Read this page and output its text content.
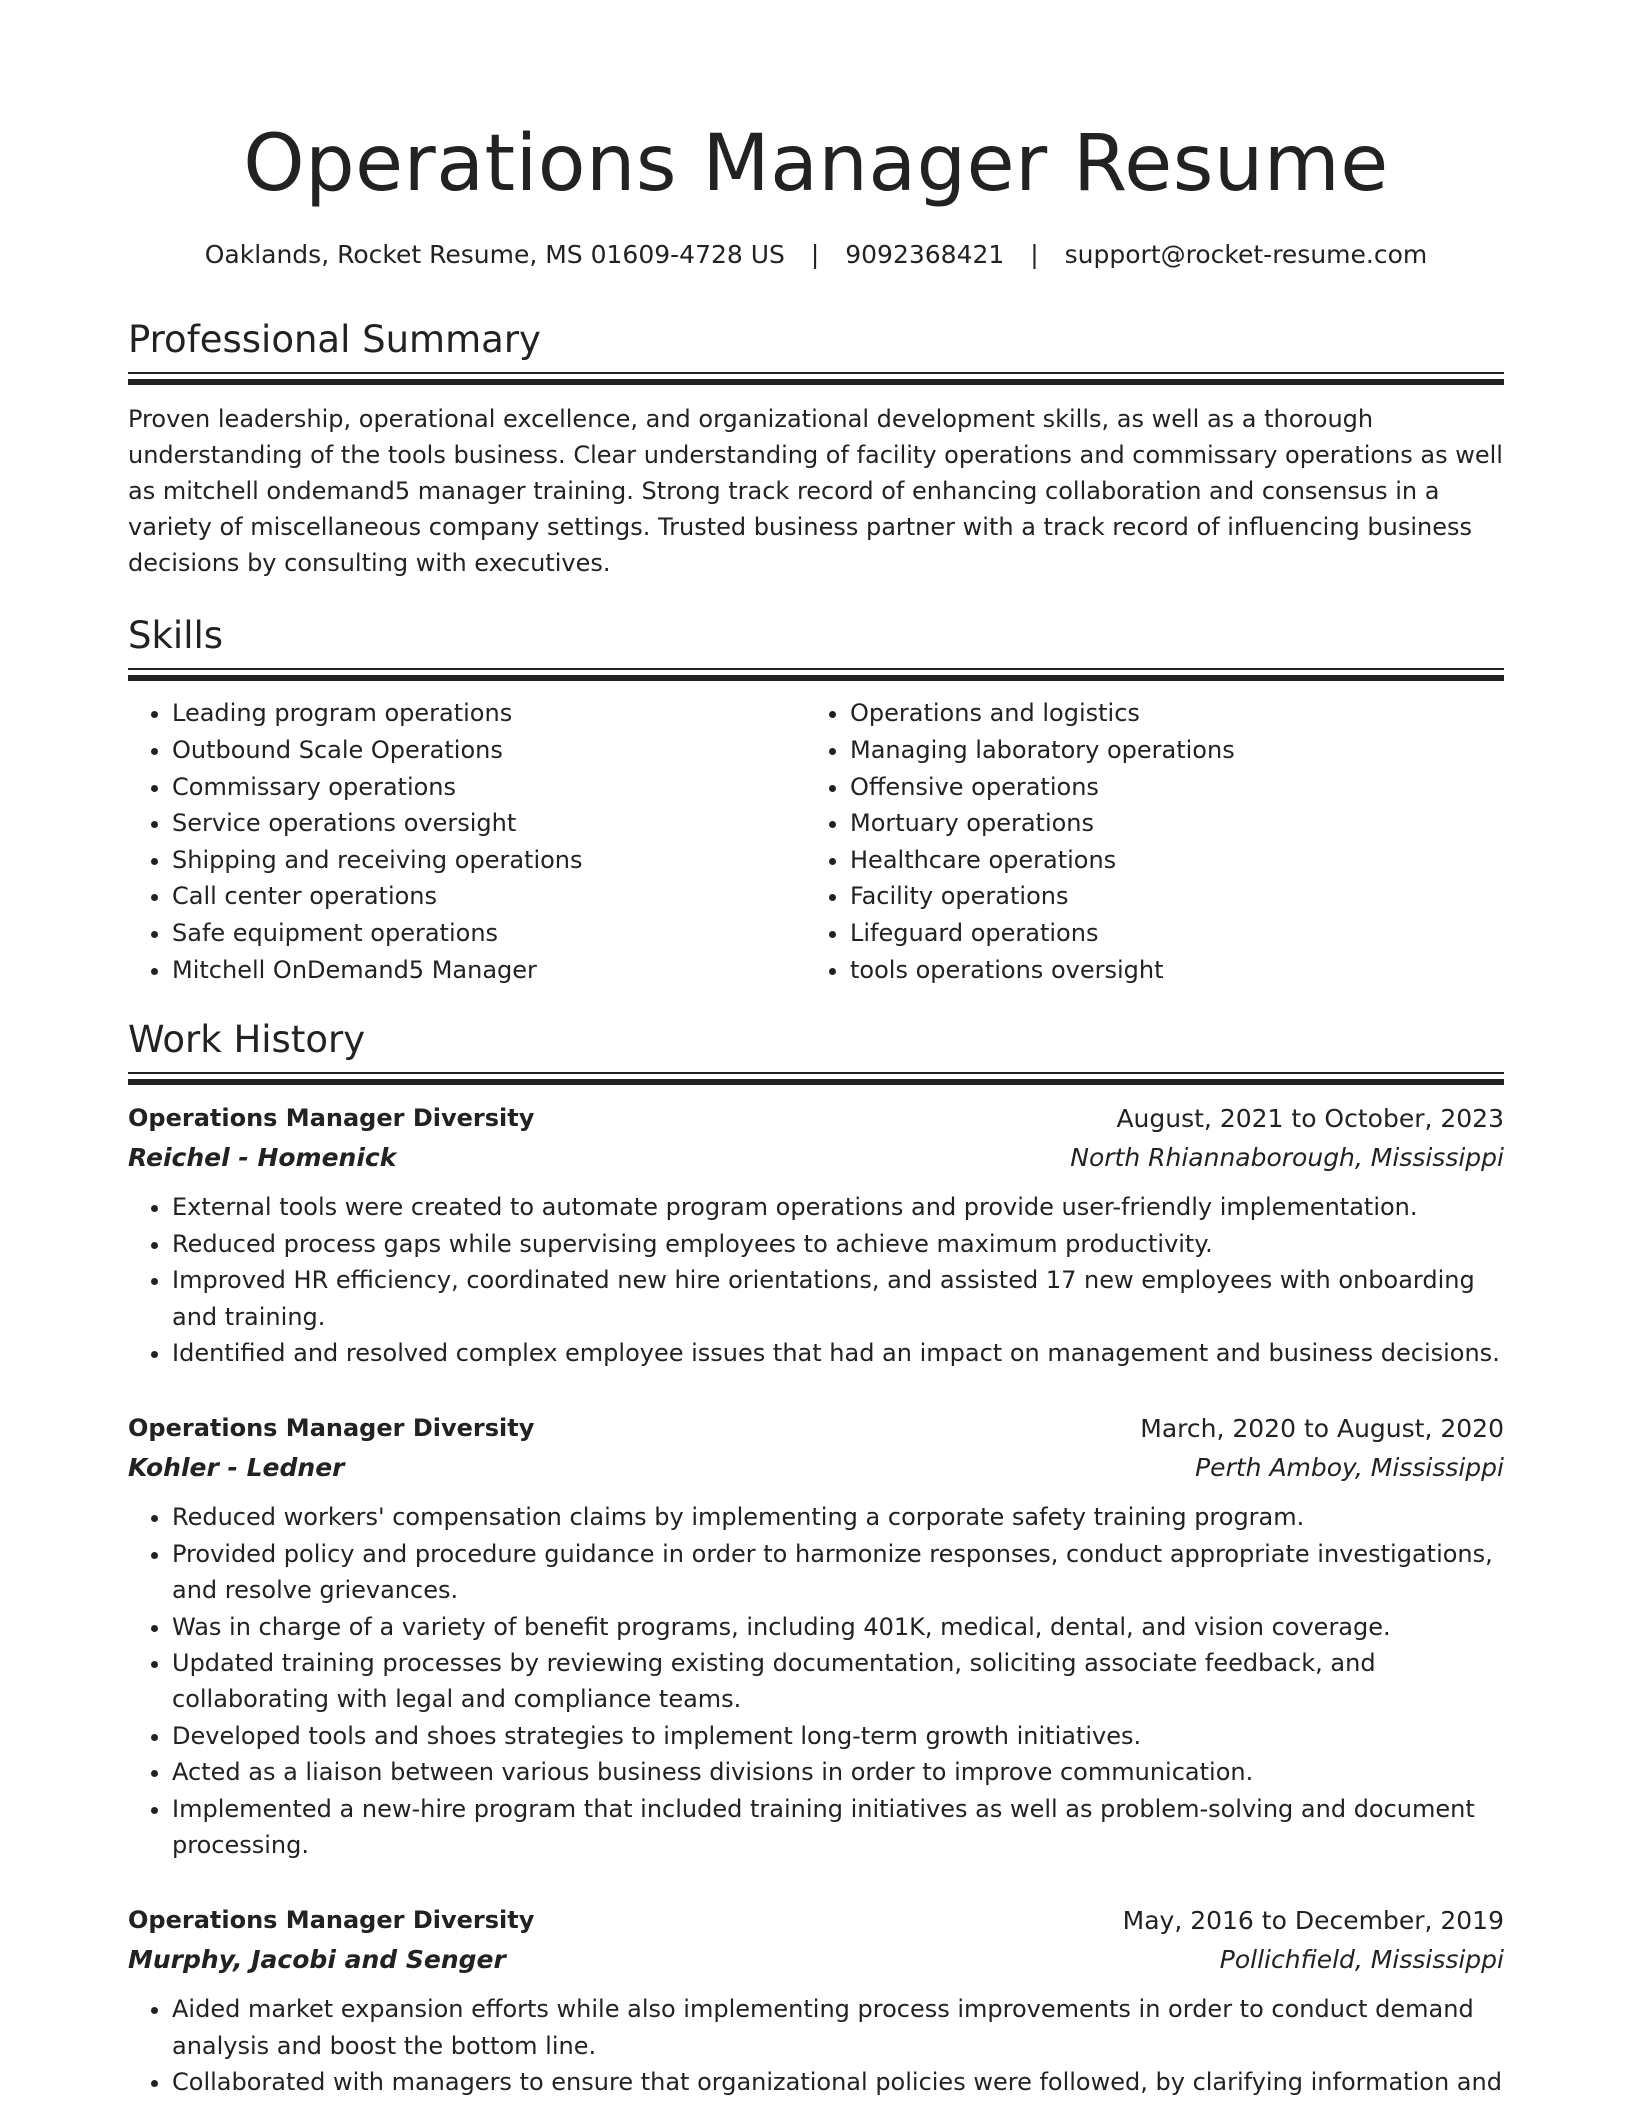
Operations Manager Resume
Oaklands, Rocket Resume, MS 01609-4728 US | 9092368421 | support@rocket-resume.com
Professional Summary

Proven leadership, operational excellence, and organizational development skills, as well as a thorough understanding of the tools business. Clear understanding of facility operations and commissary operations as well as mitchell ondemand5 manager training. Strong track record of enhancing collaboration and consensus in a variety of miscellaneous company settings. Trusted business partner with a track record of influencing business decisions by consulting with executives.

Skills
• Leading program operations
• Outbound Scale Operations
• Commissary operations
• Service operations oversight
• Shipping and receiving operations
• Call center operations
• Safe equipment operations
• Mitchell OnDemand5 Manager
• Operations and logistics
• Managing laboratory operations
• Offensive operations
• Mortuary operations
• Healthcare operations
• Facility operations
• Lifeguard operations
• tools operations oversight
Work History
Operations Manager Diversity	August, 2021 to October, 2023
Reichel - Homenick	North Rhiannaborough, Mississippi
• External tools were created to automate program operations and provide user-friendly implementation.
• Reduced process gaps while supervising employees to achieve maximum productivity.
• Improved HR efficiency, coordinated new hire orientations, and assisted 17 new employees with onboarding and training.
• Identified and resolved complex employee issues that had an impact on management and business decisions.
Operations Manager Diversity	March, 2020 to August, 2020
Kohler - Ledner	Perth Amboy, Mississippi
• Reduced workers' compensation claims by implementing a corporate safety training program.
• Provided policy and procedure guidance in order to harmonize responses, conduct appropriate investigations, and resolve grievances.
• Was in charge of a variety of benefit programs, including 401K, medical, dental, and vision coverage.
• Updated training processes by reviewing existing documentation, soliciting associate feedback, and collaborating with legal and compliance teams.
• Developed tools and shoes strategies to implement long-term growth initiatives.
• Acted as a liaison between various business divisions in order to improve communication.
• Implemented a new-hire program that included training initiatives as well as problem-solving and document processing.
Operations Manager Diversity	May, 2016 to December, 2019
Murphy, Jacobi and Senger	Pollichfield, Mississippi
• Aided market expansion efforts while also implementing process improvements in order to conduct demand analysis and boost the bottom line.
• Collaborated with managers to ensure that organizational policies were followed, by clarifying information and
